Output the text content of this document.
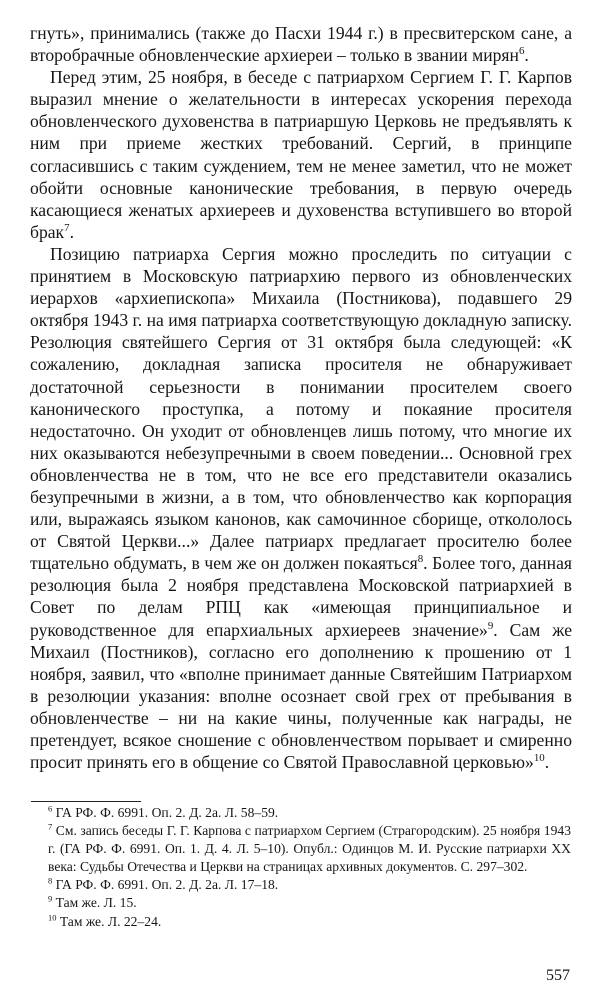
гнуть», принимались (также до Пасхи 1944 г.) в пресвитерском сане, а второбрачные обновленческие архиереи – только в звании мирян$^6$.

Перед этим, 25 ноября, в беседе с патриархом Сергием Г. Г. Карпов выразил мнение о желательности в интересах ускорения перехода обновленческого духовенства в патриаршую Церковь не предъявлять к ним при приеме жестких требований. Сергий, в принципе согласившись с таким суждением, тем не менее заметил, что не может обойти основные канонические требования, в первую очередь касающиеся женатых архиереев и духовенства вступившего во второй брак$^7$.

Позицию патриарха Сергия можно проследить по ситуации с принятием в Московскую патриархию первого из обновленческих иерархов «архиепископа» Михаила (Постникова), подавшего 29 октября 1943 г. на имя патриарха соответствующую докладную записку. Резолюция святейшего Сергия от 31 октября была следующей: «К сожалению, докладная записка просителя не обнаруживает достаточной серьезности в понимании просителем своего канонического проступка, а потому и покаяние просителя недостаточно. Он уходит от обновленцев лишь потому, что многие их них оказываются небезупречными в своем поведении... Основной грех обновленчества не в том, что не все его представители оказались безупречными в жизни, а в том, что обновленчество как корпорация или, выражаясь языком канонов, как самочинное сборище, откололось от Святой Церкви...» Далее патриарх предлагает просителю более тщательно обдумать, в чем же он должен покаяться$^8$. Более того, данная резолюция была 2 ноября представлена Московской патриархией в Совет по делам РПЦ как «имеющая принципиальное и руководственное для епархиальных архиереев значение»$^9$. Сам же Михаил (Постников), согласно его дополнению к прошению от 1 ноября, заявил, что «вполне принимает данные Святейшим Патриархом в резолюции указания: вполне осознает свой грех от пребывания в обновленчестве – ни на какие чины, полученные как награды, не претендует, всякое сношение с обновленчеством порывает и смиренно просит принять его в общение со Святой Православной церковью»$^{10}$.

$^6$ ГА РФ. Ф. 6991. Оп. 2. Д. 2а. Л. 58–59.

$^7$ См. запись беседы Г. Г. Карпова с патриархом Сергием (Страгородским). 25 ноября 1943 г. (ГА РФ. Ф. 6991. Оп. 1. Д. 4. Л. 5–10). Опубл.: Одинцов М. И. Русские патриархи XX века: Судьбы Отечества и Церкви на страницах архивных документов. С. 297–302.

$^8$ ГА РФ. Ф. 6991. Оп. 2. Д. 2а. Л. 17–18.

$^9$ Там же. Л. 15.

$^{10}$ Там же. Л. 22–24.

557
